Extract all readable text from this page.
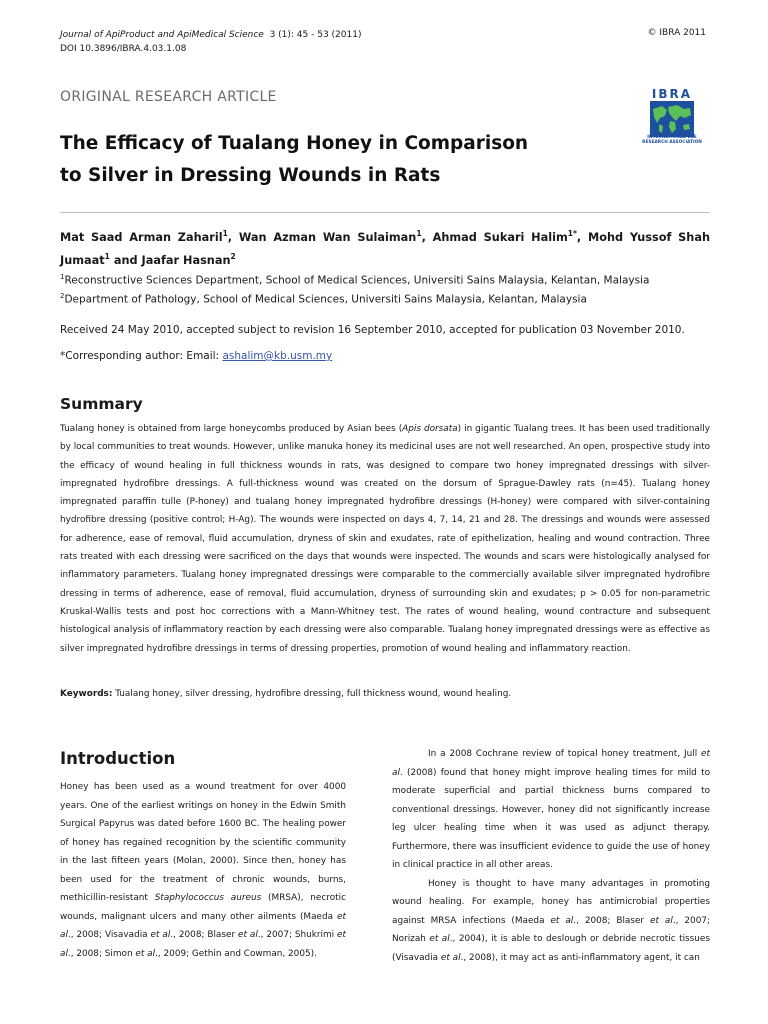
Journal of ApiProduct and ApiMedical Science 3 (1): 45 - 53 (2011)
DOI 10.3896/IBRA.4.03.1.08
© IBRA 2011
ORIGINAL RESEARCH ARTICLE	IBRA
INTERNATIONAL BEE
RESEARCH ASSOCIATION
The Efficacy of Tualang Honey in Comparison
to Silver in Dressing Wounds in Rats
Mat Saad Arman Zaharil$^1$, Wan Azman Wan Sulaiman$^1$, Ahmad Sukari Halim$^{1*}$, Mohd Yussof Shah Jumaat$^1$ and Jaafar Hasnan$^2$
$^1$Reconstructive Sciences Department, School of Medical Sciences, Universiti Sains Malaysia, Kelantan, Malaysia
$^2$Department of Pathology, School of Medical Sciences, Universiti Sains Malaysia, Kelantan, Malaysia
Received 24 May 2010, accepted subject to revision 16 September 2010, accepted for publication 03 November 2010.
*Corresponding author: Email: ashalim@kb.usm.my
Summary
Tualang honey is obtained from large honeycombs produced by Asian bees (Apis dorsata) in gigantic Tualang trees. It has been used traditionally by local communities to treat wounds. However, unlike manuka honey its medicinal uses are not well researched. An open, prospective study into the efficacy of wound healing in full thickness wounds in rats, was designed to compare two honey impregnated dressings with silver-impregnated hydrofibre dressings. A full-thickness wound was created on the dorsum of Sprague-Dawley rats (n=45). Tualang honey impregnated paraffin tulle (P-honey) and tualang honey impregnated hydrofibre dressings (H-honey) were compared with silver-containing hydrofibre dressing (positive control; H-Ag). The wounds were inspected on days 4, 7, 14, 21 and 28. The dressings and wounds were assessed for adherence, ease of removal, fluid accumulation, dryness of skin and exudates, rate of epithelization, healing and wound contraction. Three rats treated with each dressing were sacrificed on the days that wounds were inspected. The wounds and scars were histologically analysed for inflammatory parameters. Tualang honey impregnated dressings were comparable to the commercially available silver impregnated hydrofibre dressing in terms of adherence, ease of removal, fluid accumulation, dryness of surrounding skin and exudates; p > 0.05 for non-parametric Kruskal-Wallis tests and post hoc corrections with a Mann-Whitney test. The rates of wound healing, wound contracture and subsequent histological analysis of inflammatory reaction by each dressing were also comparable. Tualang honey impregnated dressings were as effective as silver impregnated hydrofibre dressings in terms of dressing properties, promotion of wound healing and inflammatory reaction.
Keywords: Tualang honey, silver dressing, hydrofibre dressing, full thickness wound, wound healing.
Introduction

Honey has been used as a wound treatment for over 4000 years. One of the earliest writings on honey in the Edwin Smith Surgical Papyrus was dated before 1600 BC. The healing power of honey has regained recognition by the scientific community in the last fifteen years (Molan, 2000). Since then, honey has been used for the treatment of chronic wounds, burns, methicillin-resistant Staphylococcus aureus (MRSA), necrotic wounds, malignant ulcers and many other ailments (Maeda et al., 2008; Visavadia et al., 2008; Blaser et al., 2007; Shukrimi et al., 2008; Simon et al., 2009; Gethin and Cowman, 2005).

In a 2008 Cochrane review of topical honey treatment, Jull et al. (2008) found that honey might improve healing times for mild to moderate superficial and partial thickness burns compared to conventional dressings. However, honey did not significantly increase leg ulcer healing time when it was used as adjunct therapy. Furthermore, there was insufficient evidence to guide the use of honey in clinical practice in all other areas.

Honey is thought to have many advantages in promoting wound healing. For example, honey has antimicrobial properties against MRSA infections (Maeda et al., 2008; Blaser et al., 2007; Norizah et al., 2004), it is able to deslough or debride necrotic tissues (Visavadia et al., 2008), it may act as anti-inflammatory agent, it can
